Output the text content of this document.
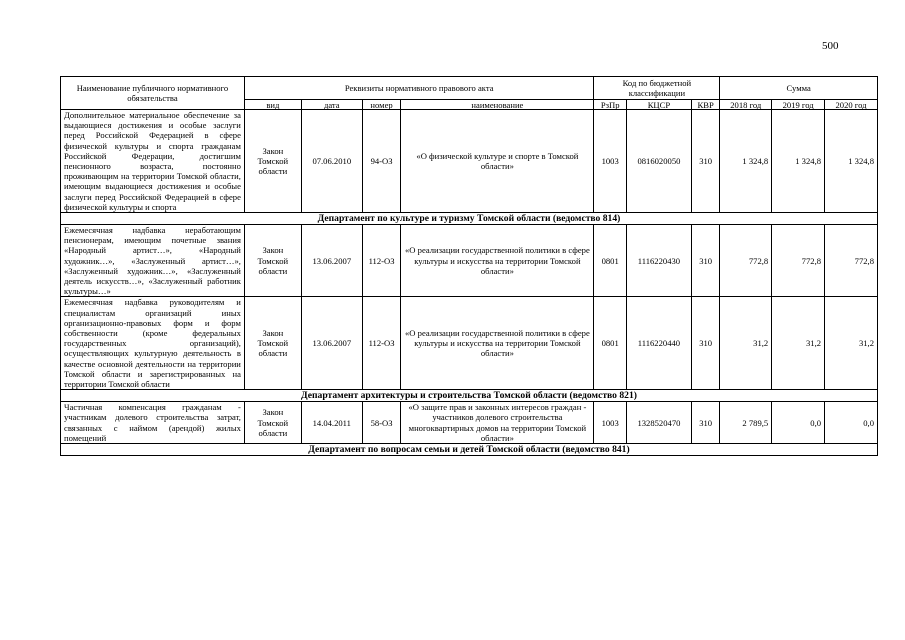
500
Наименование публичного нормативного обязательства	Реквизиты нормативного правового акта				Код по бюджетной классификации			Сумма		
	вид	дата	номер	наименование	РзПр	КЦСР	КВР	2018 год	2019 год	2020 год
Дополнительное материальное обеспечение за выдающиеся достижения и особые заслуги перед Российской Федерацией в сфере физической культуры и спорта гражданам Российской Федерации, достигшим пенсионного возраста, постоянно проживающим на территории Томской области, имеющим выдающиеся достижения и особые заслуги перед Российской Федерацией в сфере физической культуры и спорта	Закон Томской области	07.06.2010	94-ОЗ	«О физической культуре и спорте в Томской области»	1003	0816020050	310	1 324,8	1 324,8	1 324,8
Департамент по культуре и туризму Томской области (ведомство 814)										
Ежемесячная надбавка неработающим пенсионерам, имеющим почетные звания «Народный артист…», «Народный художник…», «Заслуженный артист…», «Заслуженный художник…», «Заслуженный деятель искусств…», «Заслуженный работник культуры…»	Закон Томской области	13.06.2007	112-ОЗ	«О реализации государственной политики в сфере культуры и искусства на территории Томской области»	0801	1116220430	310	772,8	772,8	772,8
Ежемесячная надбавка руководителям и специалистам организаций иных организационно-правовых форм и форм собственности (кроме федеральных государственных организаций), осуществляющих культурную деятельность в качестве основной деятельности на территории Томской области и зарегистрированных на территории Томской области	Закон Томской области	13.06.2007	112-ОЗ	«О реализации государственной политики в сфере культуры и искусства на территории Томской области»	0801	1116220440	310	31,2	31,2	31,2
Департамент архитектуры и строительства Томской области (ведомство 821)										
Частичная компенсация гражданам - участникам долевого строительства затрат, связанных с наймом (арендой) жилых помещений	Закон Томской области	14.04.2011	58-ОЗ	«О защите прав и законных интересов граждан - участников долевого строительства многоквартирных домов на территории Томской области»	1003	1328520470	310	2 789,5	0,0	0,0
Департамент по вопросам семьи и детей Томской области (ведомство 841)										
